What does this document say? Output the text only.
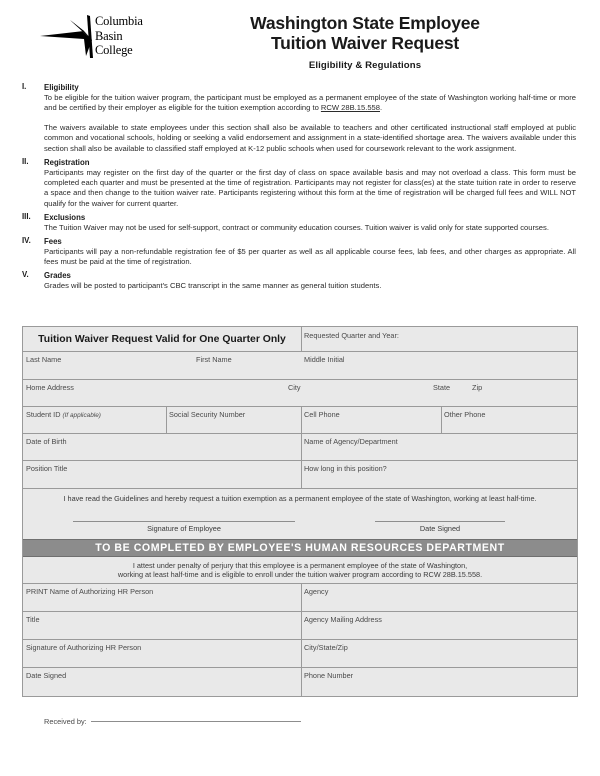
Columbia
Basin
College
Washington State Employee
Tuition Waiver Request
Eligibility & Regulations
I.	Eligibility

To be eligible for the tuition waiver program, the participant must be employed as a permanent employee of the state of Washington working half-time or more and be certified by their employer as eligible for the tuition exemption according to RCW 28B.15.558.

The waivers available to state employees under this section shall also be available to teachers and other certificated instructional staff employed at public common and vocational schools, holding or seeking a valid endorsement and assignment in a state-identified shortage area. The waivers available under this section shall also be available to classified staff employed at K-12 public schools when used for coursework relevant to the work assignment.

II.	Registration

Participants may register on the first day of the quarter or the first day of class on space available basis and may not overload a class. This form must be completed each quarter and must be presented at the time of registration. Participants may not register for class(es) at the state tuition rate in order to reserve a space and then change to the tuition waiver rate. Participants registering without this form at the time of registration will be charged full fees and WILL NOT qualify for the waiver for current quarter.

III.	Exclusions

The Tuition Waiver may not be used for self-support, contract or community education courses. Tuition waiver is valid only for state supported courses.

IV.	Fees

Participants will pay a non-refundable registration fee of $5 per quarter as well as all applicable course fees, lab fees, and other charges as appropriate. All fees must be paid at the time of registration.

V.	Grades

Grades will be posted to participant's CBC transcript in the same manner as general tuition students.

Tuition Waiver Request Valid for One Quarter Only	Requested Quarter and Year:
Last Name	First Name	Middle Initial
Home Address	City	State	Zip
Student ID (If applicable)	Social Security Number	Cell Phone	Other Phone
Date of Birth	Name of Agency/Department
Position Title	How long in this position?
I have read the Guidelines and hereby request a tuition exemption as a permanent employee of the state of Washington, working at least half-time.
Signature of Employee	Date Signed
TO BE COMPLETED BY EMPLOYEE'S HUMAN RESOURCES DEPARTMENT
I attest under penalty of perjury that this employee is a permanent employee of the state of Washington,
working at least half-time and is eligible to enroll under the tuition waiver program according to RCW 28B.15.558.
PRINT Name of Authorizing HR Person	Agency
Title	Agency Mailing Address
Signature of Authorizing HR Person	City/State/Zip
Date Signed	Phone Number
Received by:
